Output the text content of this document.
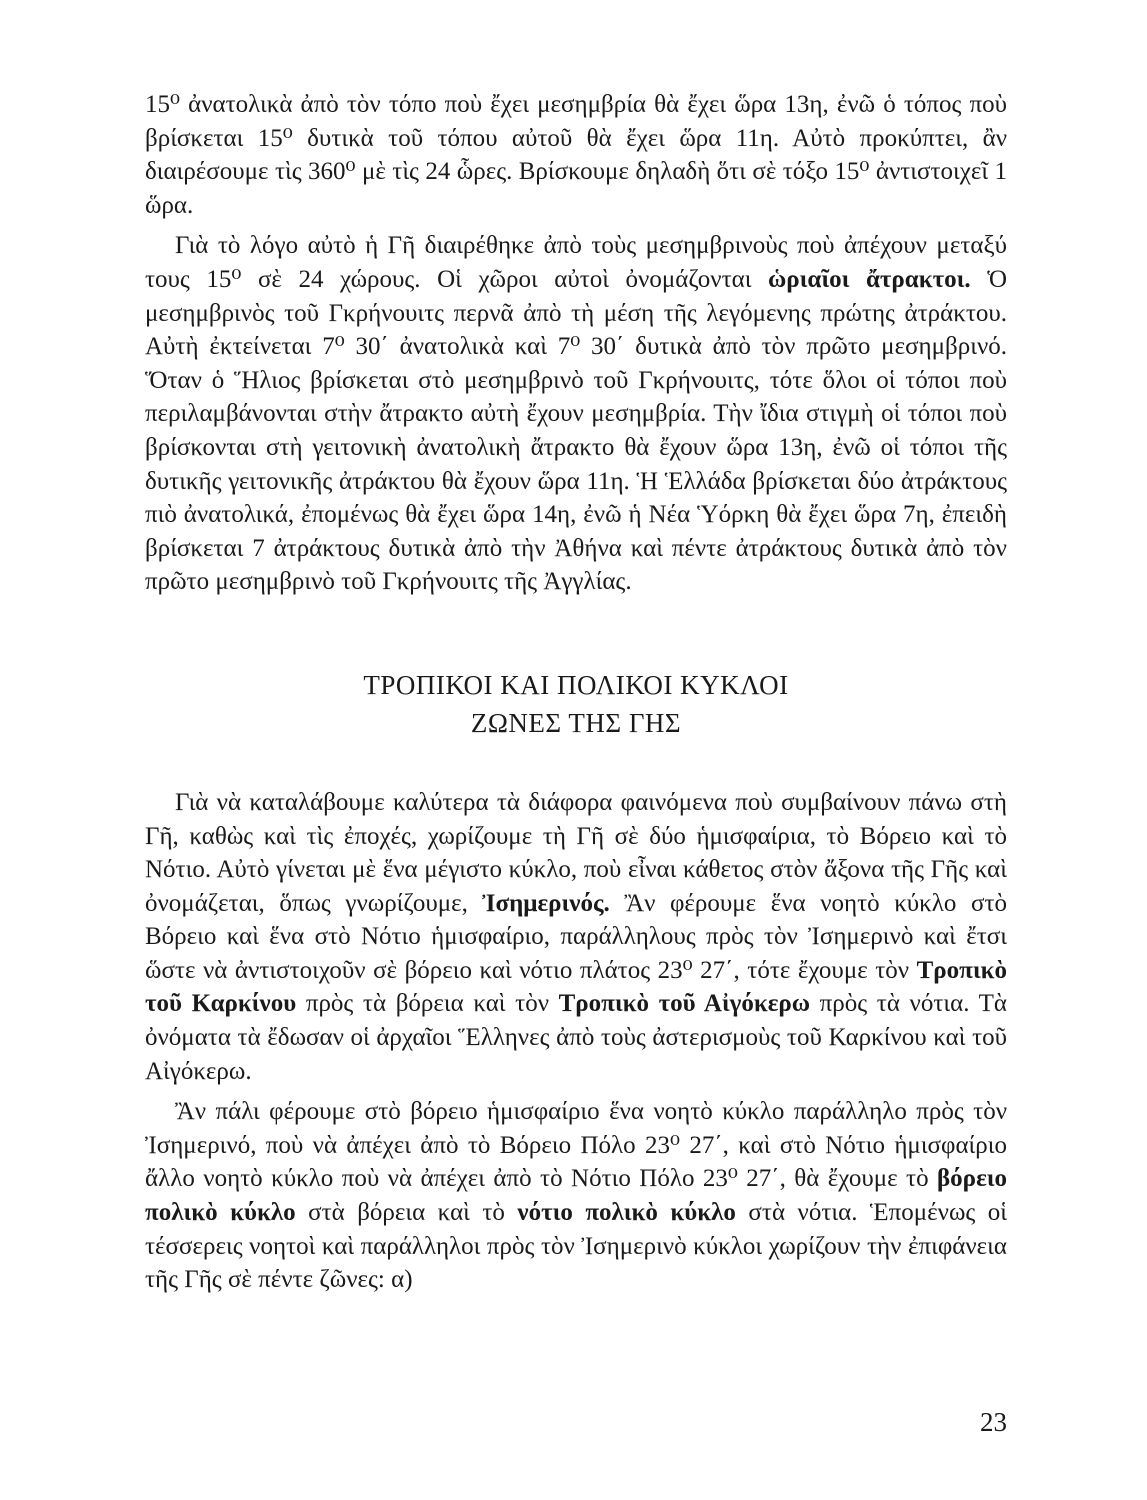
15⁰ ἀνατολικὰ ἀπὸ τὸν τόπο ποὺ ἔχει μεσημβρία θὰ ἔχει ὥρα 13η, ἐνῶ ὁ τόπος ποὺ βρίσκεται 15⁰ δυτικὰ τοῦ τόπου αὐτοῦ θὰ ἔχει ὥρα 11η. Αὐτὸ προκύπτει, ἂν διαιρέσουμε τὶς 360⁰ μὲ τὶς 24 ὧρες. Βρίσκουμε δηλαδὴ ὅτι σὲ τόξο 15⁰ ἀντιστοιχεῖ 1 ὥρα.

Γιὰ τὸ λόγο αὐτὸ ἡ Γῆ διαιρέθηκε ἀπὸ τοὺς μεσημβρινοὺς ποὺ ἀπέχουν μεταξύ τους 15⁰ σὲ 24 χώρους. Οἱ χῶροι αὐτοὶ ὀνομάζονται ὡριαῖοι ἄτρακτοι. Ὁ μεσημβρινὸς τοῦ Γκρήνουιτς περνᾶ ἀπὸ τὴ μέση τῆς λεγόμενης πρώτης ἀτράκτου. Αὐτὴ ἐκτείνεται 7⁰ 30΄ ἀνατολικὰ καὶ 7⁰ 30΄ δυτικὰ ἀπὸ τὸν πρῶτο μεσημβρινό. Ὅταν ὁ Ἥλιος βρίσκεται στὸ μεσημβρινὸ τοῦ Γκρήνουιτς, τότε ὅλοι οἱ τόποι ποὺ περιλαμβάνονται στὴν ἄτρακτο αὐτὴ ἔχουν μεσημβρία. Τὴν ἴδια στιγμὴ οἱ τόποι ποὺ βρίσκονται στὴ γειτονικὴ ἀνατολικὴ ἄτρακτο θὰ ἔχουν ὥρα 13η, ἐνῶ οἱ τόποι τῆς δυτικῆς γειτονικῆς ἀτράκτου θὰ ἔχουν ὥρα 11η. Ἡ Ἑλλάδα βρίσκεται δύο ἀτράκτους πιὸ ἀνατολικά, ἐπομένως θὰ ἔχει ὥρα 14η, ἐνῶ ἡ Νέα Ὑόρκη θὰ ἔχει ὥρα 7η, ἐπειδὴ βρίσκεται 7 ἀτράκτους δυτικὰ ἀπὸ τὴν Ἀθήνα καὶ πέντε ἀτράκτους δυτικὰ ἀπὸ τὸν πρῶτο μεσημβρινὸ τοῦ Γκρήνουιτς τῆς Ἀγγλίας.

ΤΡΟΠΙΚΟΙ ΚΑΙ ΠΟΛΙΚΟΙ ΚΥΚΛΟΙ
ΖΩΝΕΣ ΤΗΣ ΓΗΣ

Γιὰ νὰ καταλάβουμε καλύτερα τὰ διάφορα φαινόμενα ποὺ συμβαίνουν πάνω στὴ Γῆ, καθὼς καὶ τὶς ἐποχές, χωρίζουμε τὴ Γῆ σὲ δύο ἡμισφαίρια, τὸ Βόρειο καὶ τὸ Νότιο. Αὐτὸ γίνεται μὲ ἕνα μέγιστο κύκλο, ποὺ εἶναι κάθετος στὸν ἄξονα τῆς Γῆς καὶ ὀνομάζεται, ὅπως γνωρίζουμε, Ἰσημερινός. Ἂν φέρουμε ἕνα νοητὸ κύκλο στὸ Βόρειο καὶ ἕνα στὸ Νότιο ἡμισφαίριο, παράλληλους πρὸς τὸν Ἰσημερινὸ καὶ ἔτσι ὥστε νὰ ἀντιστοιχοῦν σὲ βόρειο καὶ νότιο πλάτος 23⁰ 27΄, τότε ἔχουμε τὸν Τροπικὸ τοῦ Καρκίνου πρὸς τὰ βόρεια καὶ τὸν Τροπικὸ τοῦ Αἰγόκερω πρὸς τὰ νότια. Τὰ ὀνόματα τὰ ἔδωσαν οἱ ἀρχαῖοι Ἕλληνες ἀπὸ τοὺς ἀστερισμοὺς τοῦ Καρκίνου καὶ τοῦ Αἰγόκερω.

Ἂν πάλι φέρουμε στὸ βόρειο ἡμισφαίριο ἕνα νοητὸ κύκλο παράλληλο πρὸς τὸν Ἰσημερινό, ποὺ νὰ ἀπέχει ἀπὸ τὸ Βόρειο Πόλο 23⁰ 27΄, καὶ στὸ Νότιο ἡμισφαίριο ἄλλο νοητὸ κύκλο ποὺ νὰ ἀπέχει ἀπὸ τὸ Νότιο Πόλο 23⁰ 27΄, θὰ ἔχουμε τὸ βόρειο πολικὸ κύκλο στὰ βόρεια καὶ τὸ νότιο πολικὸ κύκλο στὰ νότια. Ἑπομένως οἱ τέσσερεις νοητοὶ καὶ παράλληλοι πρὸς τὸν Ἰσημερινὸ κύκλοι χωρίζουν τὴν ἐπιφάνεια τῆς Γῆς σὲ πέντε ζῶνες: α)

23
